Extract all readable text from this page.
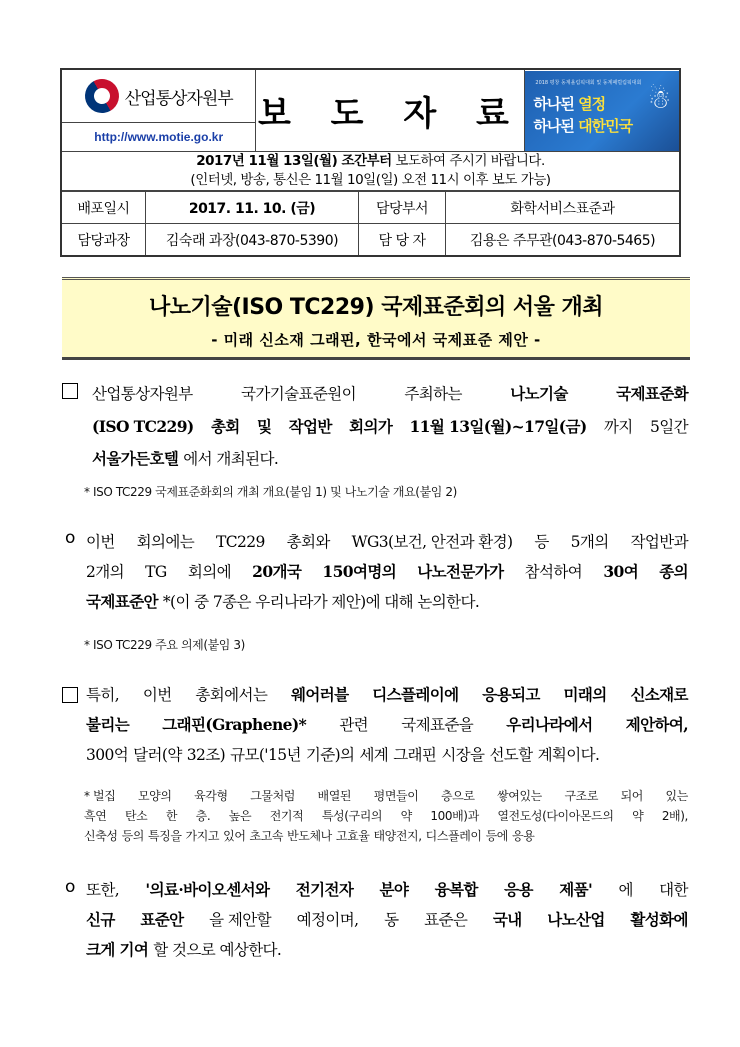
산업통상자원부
http://www.motie.go.kr
	보 도 자 료	
2018 평창 동계올림픽대회 및 동계패럴림픽대회
하나된 열정
하나된 대한민국
☃

2017년 11월 13일(월) 조간부터 보도하여 주시기 바랍니다.
(인터넷, 방송, 통신은 11월 10일(일) 오전 11시 이후 보도 가능)

배포일시	2017. 11. 10. (금)	담당부서	화학서비스표준과
담당과장	김숙래 과장(043-870-5390)	담 당 자	김용은 주무관(043-870-5465)
나노기술(ISO TC229) 국제표준회의 서울 개최
- 미래 신소재 그래핀, 한국에서 국제표준 제안 -
산업통상자원부	국가기술표준원이	주최하는	나노기술	국제표준화
(ISO TC229) 총회 및 작업반 회의가 11월 13일(월)~17일(금) 까지 5일간
서울가든호텔 에서 개최된다.
* ISO TC229 국제표준화회의 개최 개요(붙임 1) 및 나노기술 개요(붙임 2)
o 이번 회의에는 TC229 총회와 WG3(보건, 안전과 환경) 등 5개의 작업반과
2개의 TG 회의에 20개국 150여명의 나노전문가가 참석하여 30여 종의
국제표준안 *(이 중 7종은 우리나라가 제안)에 대해 논의한다.
* ISO TC229 주요 의제(붙임 3)
특히, 이번 총회에서는 웨어러블 디스플레이에 응용되고 미래의 신소재로
불리는 그래핀(Graphene)* 관련 국제표준을 우리나라에서 제안하여,
300억 달러(약 32조) 규모('15년 기준)의 세계 그래핀 시장을 선도할 계획이다.
* 벌집 모양의 육각형 그물처럼 배열된 평면들이 층으로 쌓여있는 구조로 되어 있는
흑연 탄소 한 층. 높은 전기적 특성(구리의 약 100배)과 열전도성(다이아몬드의 약 2배),
신축성 등의 특징을 가지고 있어 초고속 반도체나 고효율 태양전지, 디스플레이 등에 응용
o 또한, '의료·바이오센서와 전기전자 분야 융복합 응용 제품' 에 대한
신규 표준안 을 제안할 예정이며, 동 표준은 국내 나노산업 활성화에
크게 기여 할 것으로 예상한다.
